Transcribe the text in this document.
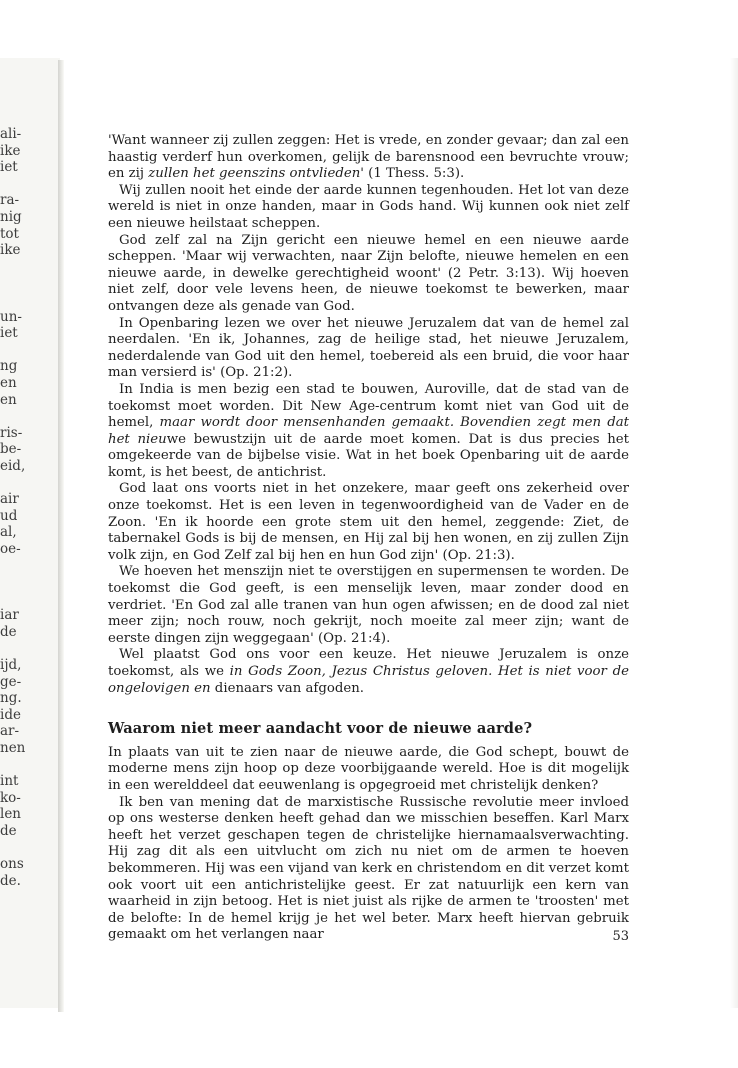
ali-
ike
iet
ra-
nig
tot
ike
un-
iet
ng
en
en
ris-
be-
eid,
air
ud
al,
oe-
iar
de
ijd,
ge-
ng.
ide
ar-
nen
int
ko-
len
de
ons
de.

'Want wanneer zij zullen zeggen: Het is vrede, en zonder gevaar; dan zal een haastig verderf hun overkomen, gelijk de barensnood een bevruchte vrouw; en zij zullen het geenszins ontvlieden' (1 Thess. 5:3).

Wij zullen nooit het einde der aarde kunnen tegenhouden. Het lot van deze wereld is niet in onze handen, maar in Gods hand. Wij kunnen ook niet zelf een nieuwe heilstaat scheppen.

God zelf zal na Zijn gericht een nieuwe hemel en een nieuwe aarde scheppen. 'Maar wij verwachten, naar Zijn belofte, nieuwe hemelen en een nieuwe aarde, in dewelke gerechtigheid woont' (2 Petr. 3:13). Wij hoeven niet zelf, door vele levens heen, de nieuwe toekomst te bewerken, maar ontvangen deze als genade van God.

In Openbaring lezen we over het nieuwe Jeruzalem dat van de hemel zal neerdalen. 'En ik, Johannes, zag de heilige stad, het nieuwe Jeruzalem, nederdalende van God uit den hemel, toebereid als een bruid, die voor haar man versierd is' (Op. 21:2).

In India is men bezig een stad te bouwen, Auroville, dat de stad van de toekomst moet worden. Dit New Age-centrum komt niet van God uit de hemel, maar wordt door mensenhanden gemaakt. Bovendien zegt men dat het nieuwe bewustzijn uit de aarde moet komen. Dat is dus precies het omgekeerde van de bijbelse visie. Wat in het boek Openbaring uit de aarde komt, is het beest, de antichrist.

God laat ons voorts niet in het onzekere, maar geeft ons zekerheid over onze toekomst. Het is een leven in tegenwoordigheid van de Vader en de Zoon. 'En ik hoorde een grote stem uit den hemel, zeggende: Ziet, de tabernakel Gods is bij de mensen, en Hij zal bij hen wonen, en zij zullen Zijn volk zijn, en God Zelf zal bij hen en hun God zijn' (Op. 21:3).

We hoeven het menszijn niet te overstijgen en supermensen te worden. De toekomst die God geeft, is een menselijk leven, maar zonder dood en verdriet. 'En God zal alle tranen van hun ogen afwissen; en de dood zal niet meer zijn; noch rouw, noch gekrijt, noch moeite zal meer zijn; want de eerste dingen zijn weggegaan' (Op. 21:4).

Wel plaatst God ons voor een keuze. Het nieuwe Jeruzalem is onze toekomst, als we in Gods Zoon, Jezus Christus geloven. Het is niet voor de ongelovigen en dienaars van afgoden.

Waarom niet meer aandacht voor de nieuwe aarde?

In plaats van uit te zien naar de nieuwe aarde, die God schept, bouwt de moderne mens zijn hoop op deze voorbijgaande wereld. Hoe is dit mogelijk in een werelddeel dat eeuwenlang is opgegroeid met christelijk denken?

Ik ben van mening dat de marxistische Russische revolutie meer invloed op ons westerse denken heeft gehad dan we misschien beseffen. Karl Marx heeft het verzet geschapen tegen de christelijke hiernamaalsverwachting. Hij zag dit als een uitvlucht om zich nu niet om de armen te hoeven bekommeren. Hij was een vijand van kerk en christendom en dit verzet komt ook voort uit een antichristelijke geest. Er zat natuurlijk een kern van waarheid in zijn betoog. Het is niet juist als rijke de armen te 'troosten' met de belofte: In de hemel krijg je het wel beter. Marx heeft hiervan gebruik gemaakt om het verlangen naar	53
